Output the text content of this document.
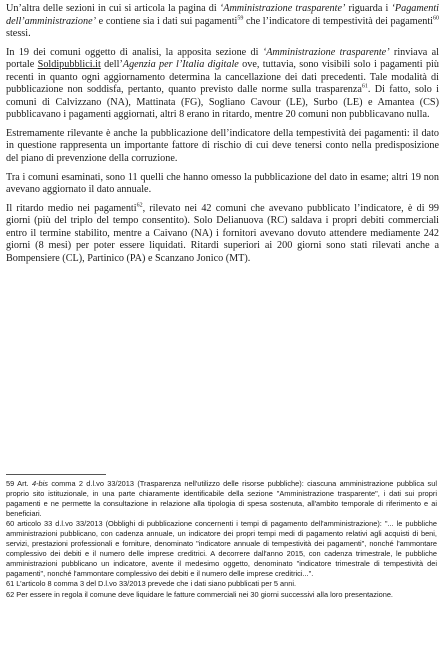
Un’altra delle sezioni in cui si articola la pagina di ‘Amministrazione trasparente’ riguarda i ‘Pagamenti dell’amministrazione’ e contiene sia i dati sui pagamenti$^{59}$ che l’indicatore di tempestività dei pagamenti$^{60}$ stessi.

In 19 dei comuni oggetto di analisi, la apposita sezione di ‘Amministrazione trasparente’ rinviava al portale Soldipubblici.it dell’Agenzia per l’Italia digitale ove, tuttavia, sono visibili solo i pagamenti più recenti in quanto ogni aggiornamento determina la cancellazione dei dati precedenti. Tale modalità di pubblicazione non soddisfa, pertanto, quanto previsto dalle norme sulla trasparenza$^{61}$. Di fatto, solo i comuni di Calvizzano (NA), Mattinata (FG), Sogliano Cavour (LE), Surbo (LE) e Amantea (CS) pubblicavano i pagamenti aggiornati, altri 8 erano in ritardo, mentre 20 comuni non pubblicavano nulla.

Estremamente rilevante è anche la pubblicazione dell’indicatore della tempestività dei pagamenti: il dato in questione rappresenta un importante fattore di rischio di cui deve tenersi conto nella predisposizione del piano di prevenzione della corruzione.

Tra i comuni esaminati, sono 11 quelli che hanno omesso la pubblicazione del dato in esame; altri 19 non avevano aggiornato il dato annuale.

Il ritardo medio nei pagamenti$^{62}$, rilevato nei 42 comuni che avevano pubblicato l’indicatore, è di 99 giorni (più del triplo del tempo consentito). Solo Delianuova (RC) saldava i propri debiti commerciali entro il termine stabilito, mentre a Caivano (NA) i fornitori avevano dovuto attendere mediamente 242 giorni (8 mesi) per poter essere liquidati. Ritardi superiori ai 200 giorni sono stati rilevati anche a Bompensiere (CL), Partinico (PA) e Scanzano Jonico (MT).

59 Art. 4-bis comma 2 d.l.vo 33/2013 (Trasparenza nell'utilizzo delle risorse pubbliche): ciascuna amministrazione pubblica sul proprio sito istituzionale, in una parte chiaramente identificabile della sezione "Amministrazione trasparente", i dati sui propri pagamenti e ne permette la consultazione in relazione alla tipologia di spesa sostenuta, all'ambito temporale di riferimento e ai beneficiari.

60 articolo 33 d.l.vo 33/2013 (Obblighi di pubblicazione concernenti i tempi di pagamento dell'amministrazione): "... le pubbliche amministrazioni pubblicano, con cadenza annuale, un indicatore dei propri tempi medi di pagamento relativi agli acquisti di beni, servizi, prestazioni professionali e forniture, denominato "indicatore annuale di tempestività dei pagamenti", nonché l'ammontare complessivo dei debiti e il numero delle imprese creditrici. A decorrere dall'anno 2015, con cadenza trimestrale, le pubbliche amministrazioni pubblicano un indicatore, avente il medesimo oggetto, denominato "indicatore trimestrale di tempestività dei pagamenti", nonché l'ammontare complessivo dei debiti e il numero delle imprese creditrici...".

61 L’articolo 8 comma 3 del D.l.vo 33/2013 prevede che i dati siano pubblicati per 5 anni.

62 Per essere in regola il comune deve liquidare le fatture commerciali nei 30 giorni successivi alla loro presentazione.
